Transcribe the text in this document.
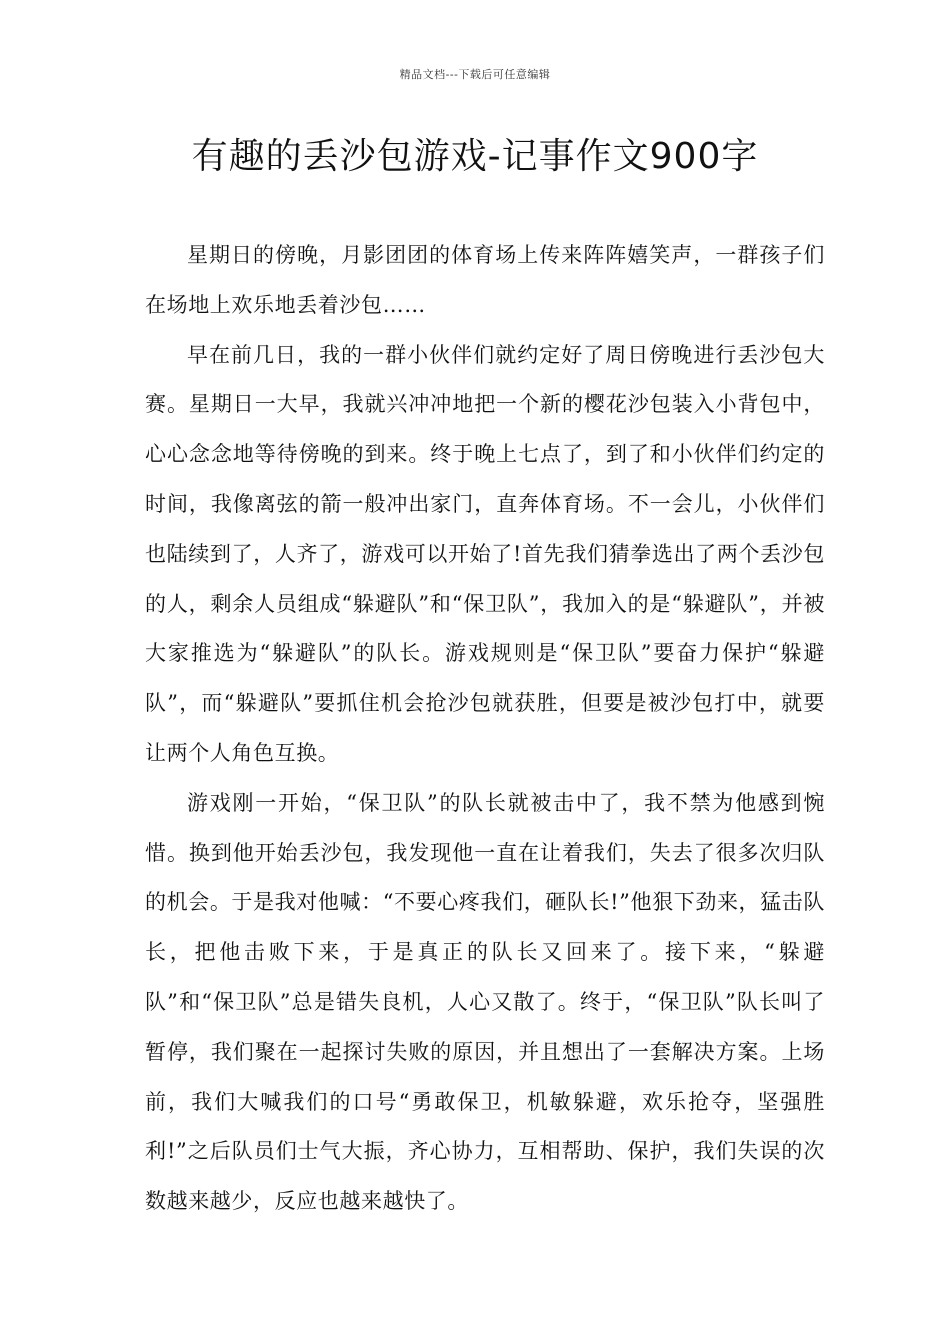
精品文档---下载后可任意编辑
有趣的丢沙包游戏-记事作文900字

星期日的傍晚，月影团团的体育场上传来阵阵嬉笑声，一群孩子们在场地上欢乐地丢着沙包……

早在前几日，我的一群小伙伴们就约定好了周日傍晚进行丢沙包大赛。星期日一大早，我就兴冲冲地把一个新的樱花沙包装入小背包中，心心念念地等待傍晚的到来。终于晚上七点了，到了和小伙伴们约定的时间，我像离弦的箭一般冲出家门，直奔体育场。不一会儿，小伙伴们也陆续到了，人齐了，游戏可以开始了!首先我们猜拳选出了两个丢沙包的人，剩余人员组成“躲避队”和“保卫队”，我加入的是“躲避队”，并被大家推选为“躲避队”的队长。游戏规则是“保卫队”要奋力保护“躲避队”，而“躲避队”要抓住机会抢沙包就获胜，但要是被沙包打中，就要让两个人角色互换。

游戏刚一开始，“保卫队”的队长就被击中了，我不禁为他感到惋惜。换到他开始丢沙包，我发现他一直在让着我们，失去了很多次归队的机会。于是我对他喊：“不要心疼我们，砸队长!”他狠下劲来，猛击队长，把他击败下来，于是真正的队长又回来了。接下来，“躲避队”和“保卫队”总是错失良机，人心又散了。终于，“保卫队”队长叫了暂停，我们聚在一起探讨失败的原因，并且想出了一套解决方案。上场前，我们大喊我们的口号“勇敢保卫，机敏躲避，欢乐抢夺，坚强胜利!”之后队员们士气大振，齐心协力，互相帮助、保护，我们失误的次数越来越少，反应也越来越快了。
